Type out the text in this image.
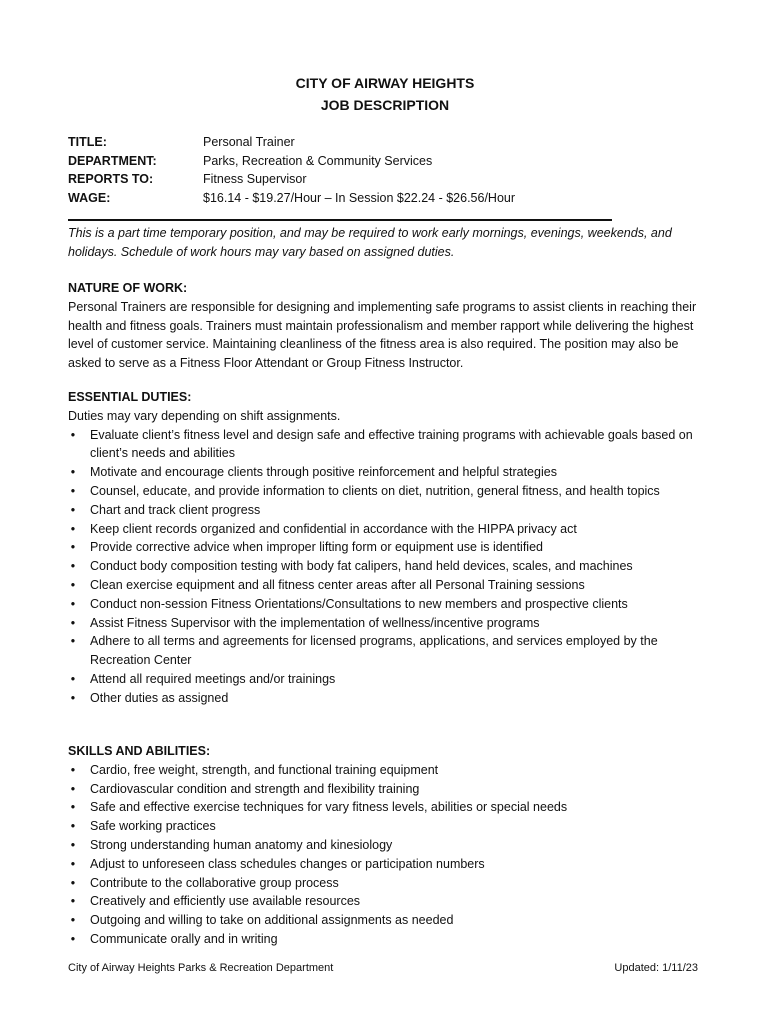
CITY OF AIRWAY HEIGHTS
JOB DESCRIPTION
TITLE:	Personal Trainer
DEPARTMENT:	Parks, Recreation & Community Services
REPORTS TO:	Fitness Supervisor
WAGE:	$16.14 - $19.27/Hour – In Session $22.24 - $26.56/Hour
This is a part time temporary position, and may be required to work early mornings, evenings, weekends, and holidays. Schedule of work hours may vary based on assigned duties.
NATURE OF WORK:
Personal Trainers are responsible for designing and implementing safe programs to assist clients in reaching their health and fitness goals. Trainers must maintain professionalism and member rapport while delivering the highest level of customer service. Maintaining cleanliness of the fitness area is also required. The position may also be asked to serve as a Fitness Floor Attendant or Group Fitness Instructor.
ESSENTIAL DUTIES:
Duties may vary depending on shift assignments.
• Evaluate client’s fitness level and design safe and effective training programs with achievable goals based on client’s needs and abilities
• Motivate and encourage clients through positive reinforcement and helpful strategies
• Counsel, educate, and provide information to clients on diet, nutrition, general fitness, and health topics
• Chart and track client progress
• Keep client records organized and confidential in accordance with the HIPPA privacy act
• Provide corrective advice when improper lifting form or equipment use is identified
• Conduct body composition testing with body fat calipers, hand held devices, scales, and machines
• Clean exercise equipment and all fitness center areas after all Personal Training sessions
• Conduct non-session Fitness Orientations/Consultations to new members and prospective clients
• Assist Fitness Supervisor with the implementation of wellness/incentive programs
• Adhere to all terms and agreements for licensed programs, applications, and services employed by the Recreation Center
• Attend all required meetings and/or trainings
• Other duties as assigned
SKILLS AND ABILITIES:
• Cardio, free weight, strength, and functional training equipment
• Cardiovascular condition and strength and flexibility training
• Safe and effective exercise techniques for vary fitness levels, abilities or special needs
• Safe working practices
• Strong understanding human anatomy and kinesiology
• Adjust to unforeseen class schedules changes or participation numbers
• Contribute to the collaborative group process
• Creatively and efficiently use available resources
• Outgoing and willing to take on additional assignments as needed
• Communicate orally and in writing
City of Airway Heights Parks & Recreation Department	Updated: 1/11/23
